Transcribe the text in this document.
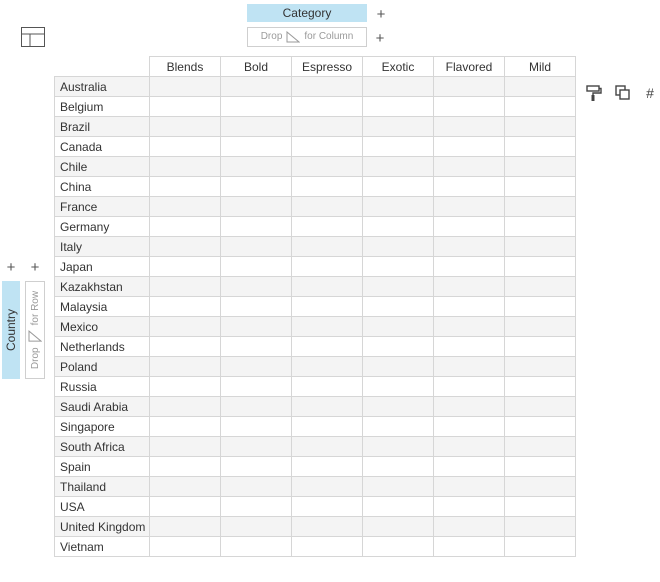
Category	+
Drop for Column +
+ +
Country
Drop
for Row
	Blends	Bold	Espresso	Exotic	Flavored	Mild
Australia						
Belgium						
Brazil						
Canada						
Chile						
China						
France						
Germany						
Italy						
Japan						
Kazakhstan						
Malaysia						
Mexico						
Netherlands						
Poland						
Russia						
Saudi Arabia						
Singapore						
South Africa						
Spain						
Thailand						
USA						
United Kingdom						
Vietnam						
#
